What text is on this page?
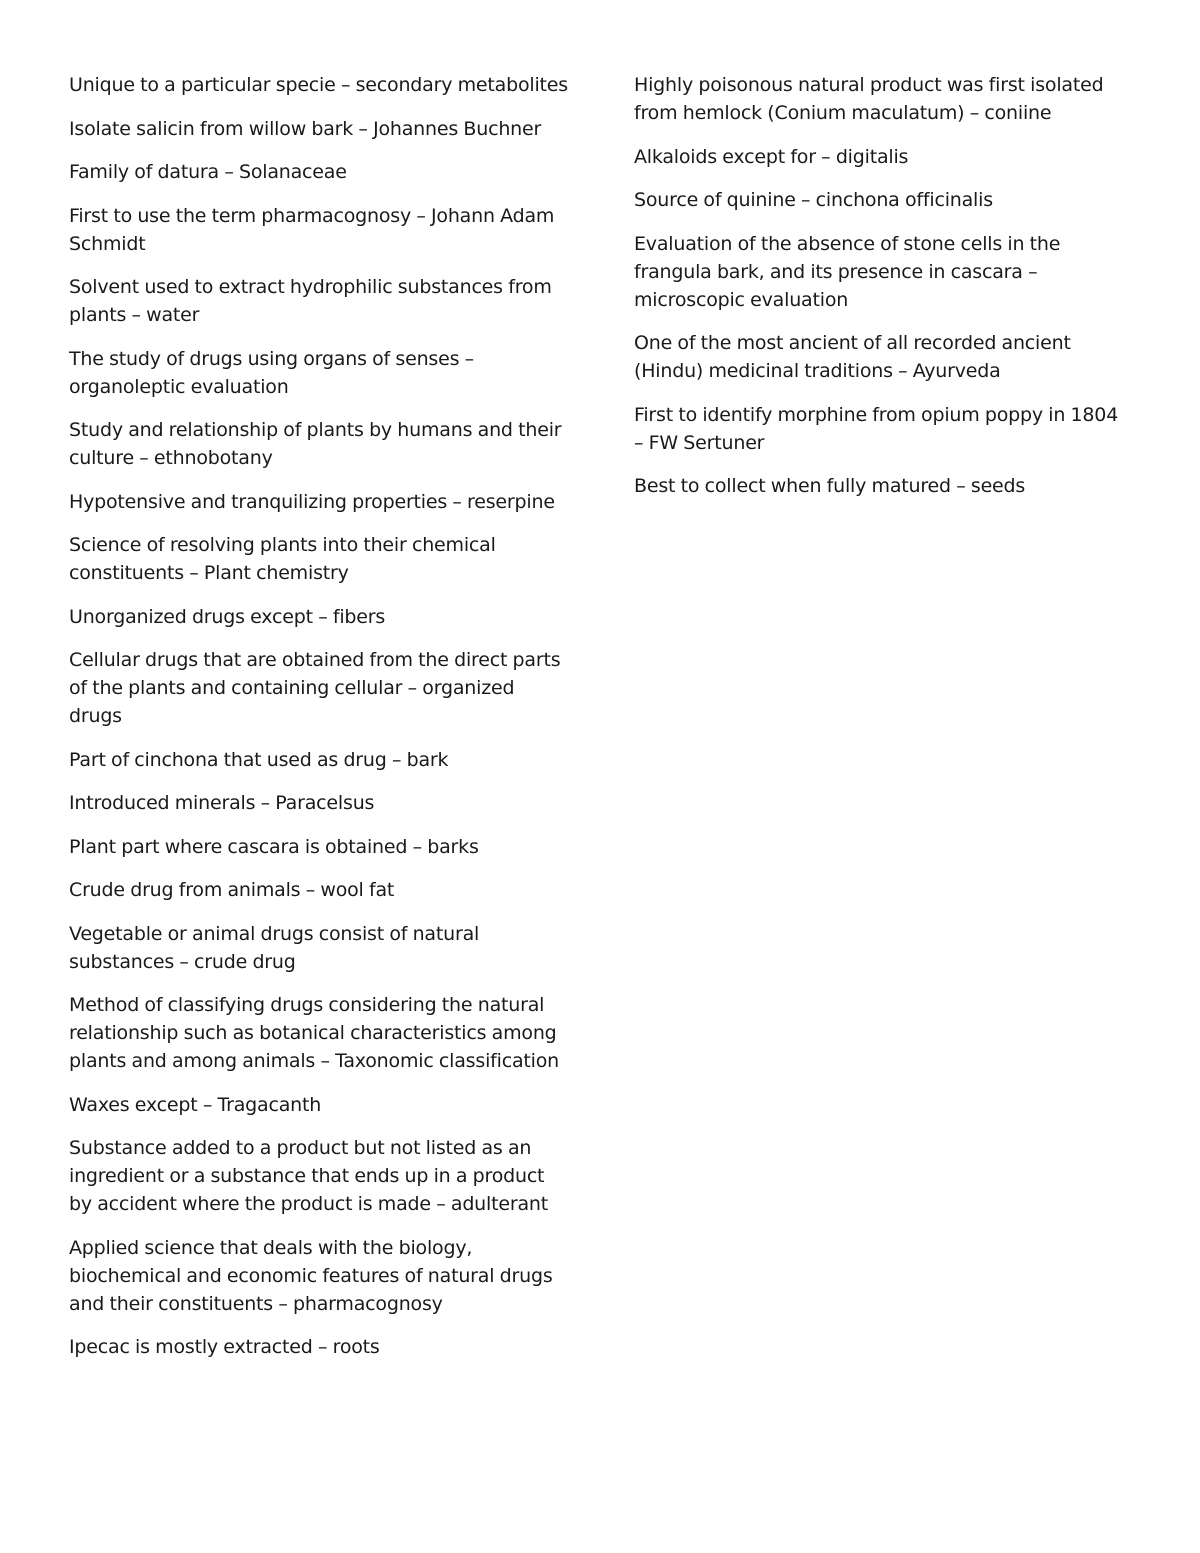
Unique to a particular specie – secondary metabolites

Isolate salicin from willow bark – Johannes Buchner

Family of datura – Solanaceae

First to use the term pharmacognosy – Johann Adam Schmidt

Solvent used to extract hydrophilic substances from plants – water

The study of drugs using organs of senses – organoleptic evaluation

Study and relationship of plants by humans and their culture – ethnobotany

Hypotensive and tranquilizing properties – reserpine

Science of resolving plants into their chemical constituents – Plant chemistry

Unorganized drugs except – fibers

Cellular drugs that are obtained from the direct parts of the plants and containing cellular – organized drugs

Part of cinchona that used as drug – bark

Introduced minerals – Paracelsus

Plant part where cascara is obtained – barks

Crude drug from animals – wool fat

Vegetable or animal drugs consist of natural substances – crude drug

Method of classifying drugs considering the natural relationship such as botanical characteristics among plants and among animals – Taxonomic classification

Waxes except – Tragacanth

Substance added to a product but not listed as an ingredient or a substance that ends up in a product by accident where the product is made – adulterant

Applied science that deals with the biology, biochemical and economic features of natural drugs and their constituents – pharmacognosy

Ipecac is mostly extracted – roots

Highly poisonous natural product was first isolated from hemlock (Conium maculatum) – coniine

Alkaloids except for – digitalis

Source of quinine – cinchona officinalis

Evaluation of the absence of stone cells in the frangula bark, and its presence in cascara – microscopic evaluation

One of the most ancient of all recorded ancient (Hindu) medicinal traditions – Ayurveda

First to identify morphine from opium poppy in 1804 – FW Sertuner

Best to collect when fully matured – seeds
